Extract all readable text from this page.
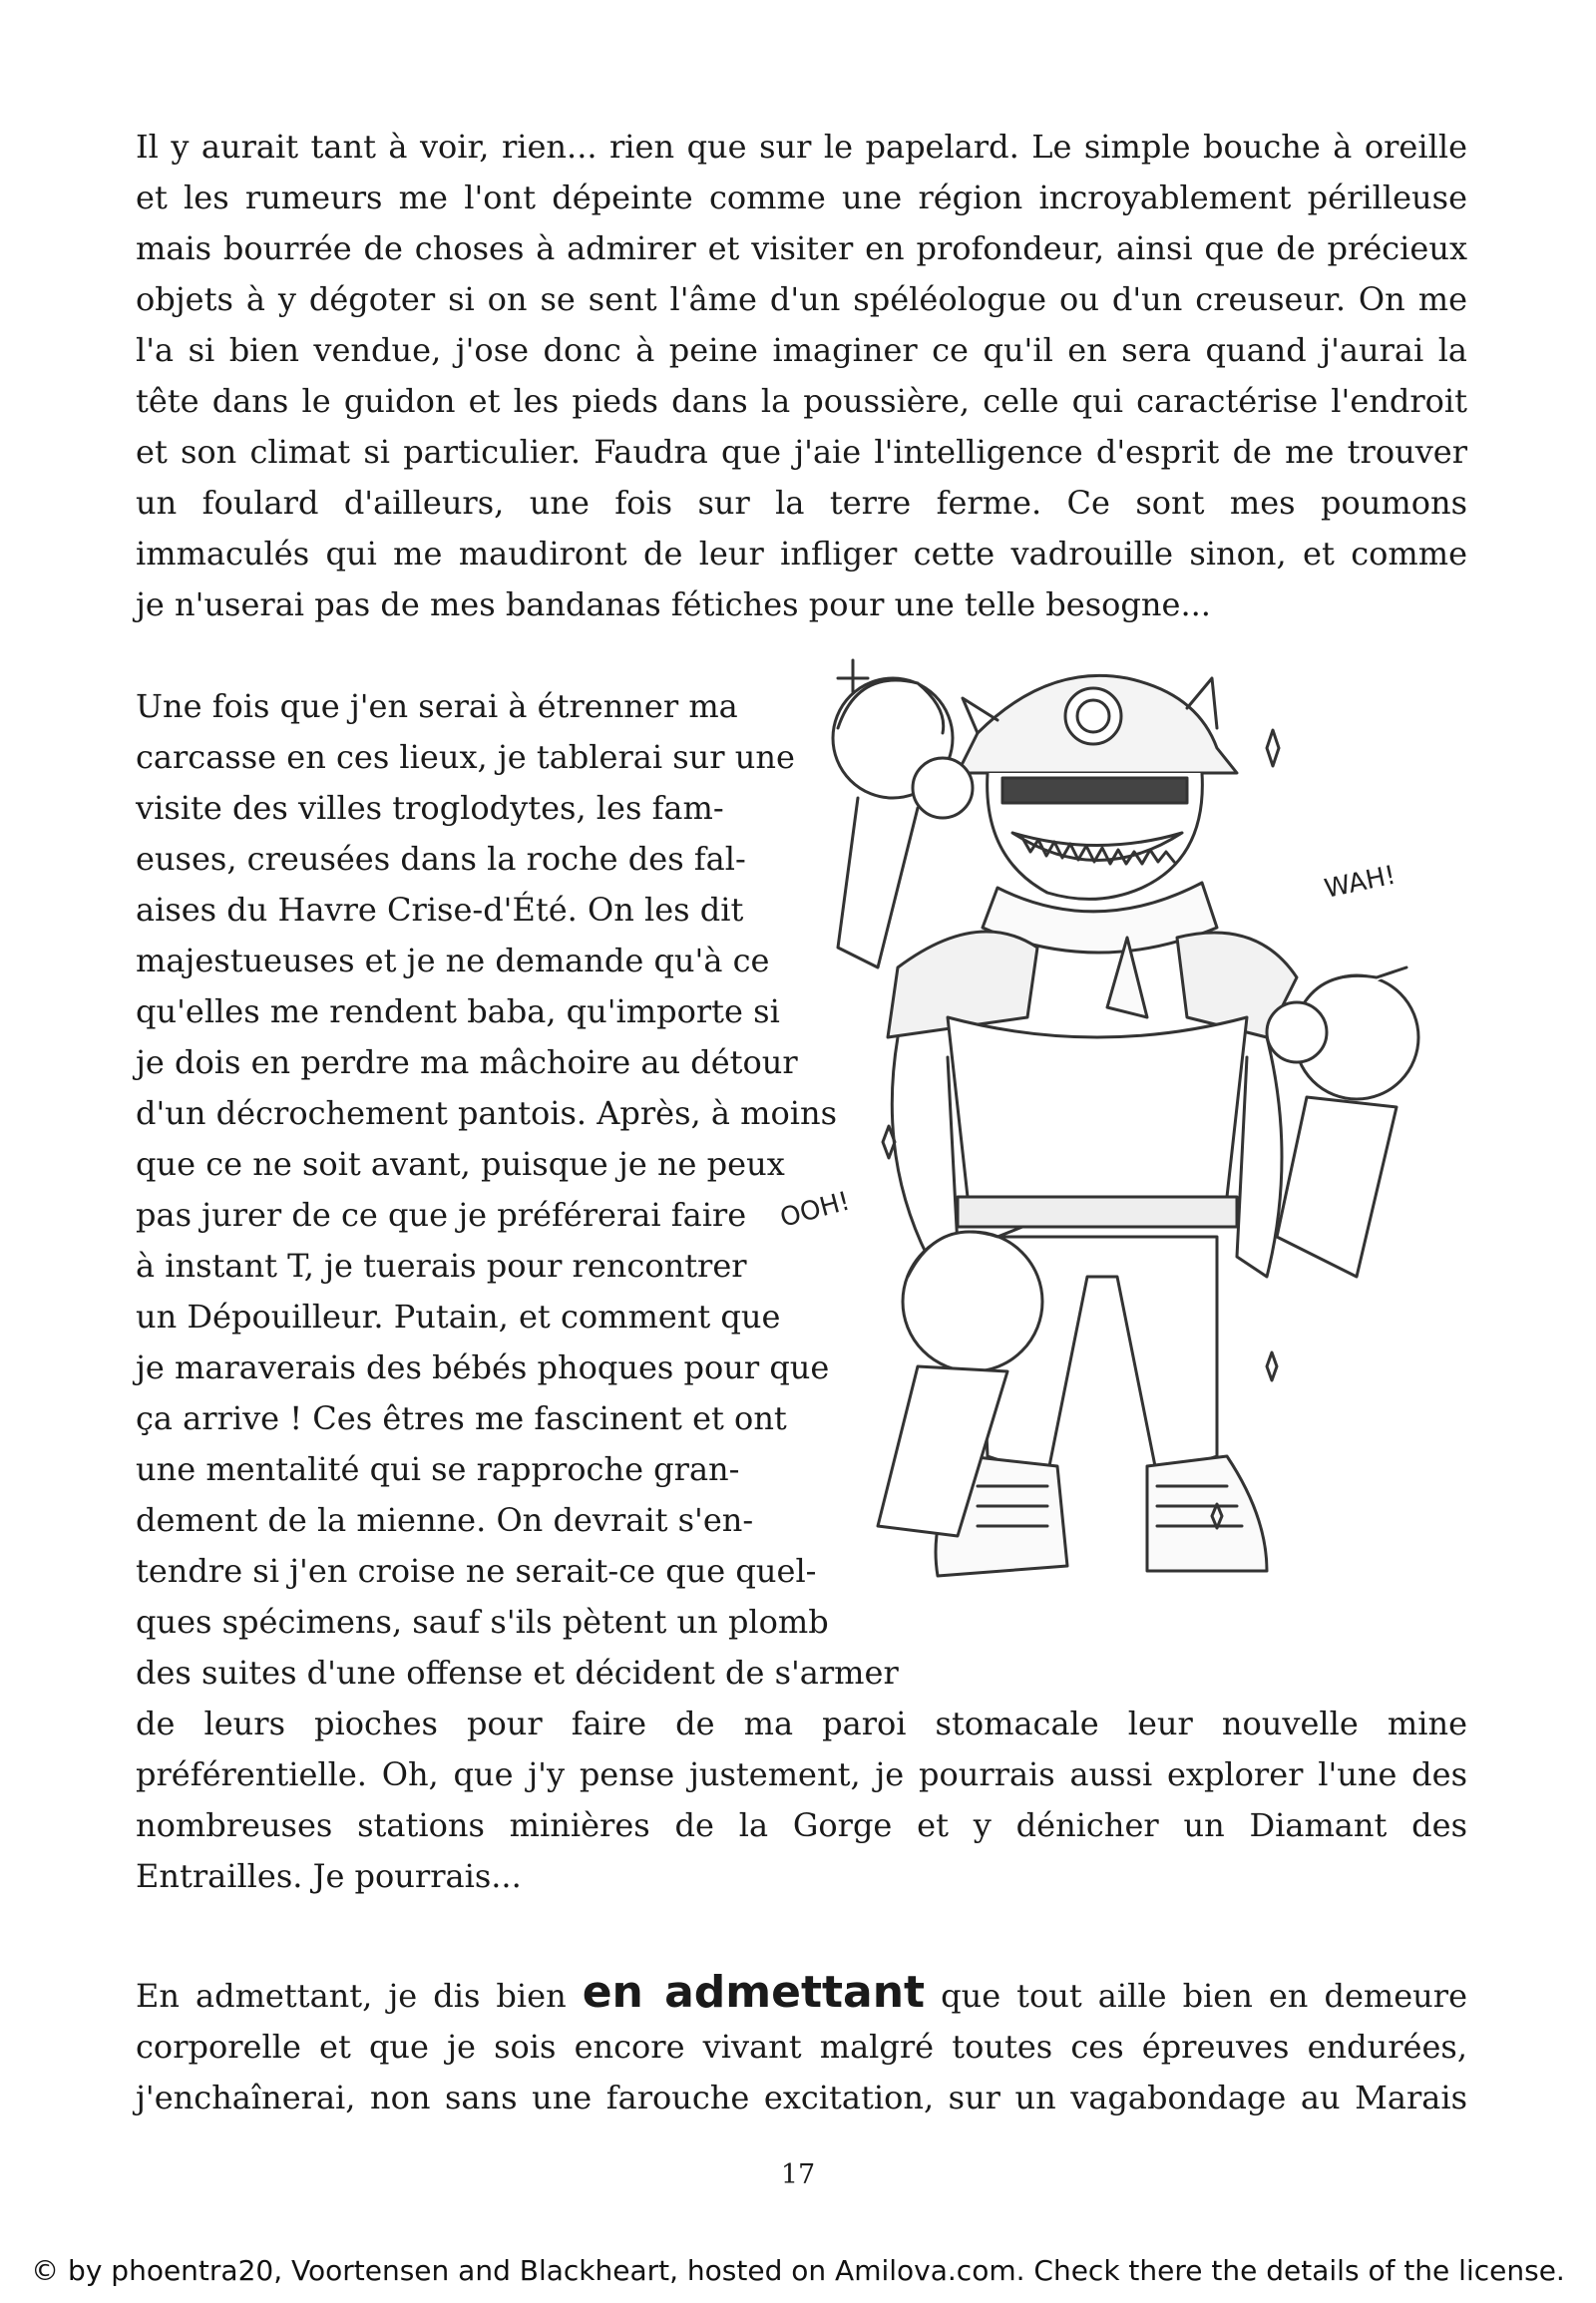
Il y aurait tant à voir, rien... rien que sur le papelard. Le simple bouche à oreille
et les rumeurs me l'ont dépeinte comme une région incroyablement périlleuse
mais bourrée de choses à admirer et visiter en profondeur, ainsi que de précieux
objets à y dégoter si on se sent l'âme d'un spéléologue ou d'un creuseur. On me
l'a si bien vendue, j'ose donc à peine imaginer ce qu'il en sera quand j'aurai la
tête dans le guidon et les pieds dans la poussière, celle qui caractérise l'endroit
et son climat si particulier. Faudra que j'aie l'intelligence d'esprit de me trouver
un foulard d'ailleurs, une fois sur la terre ferme. Ce sont mes poumons
immaculés qui me maudiront de leur infliger cette vadrouille sinon, et comme
je n'userai pas de mes bandanas fétiches pour une telle besogne...

Une fois que j'en serai à étrenner ma
carcasse en ces lieux, je tablerai sur une
visite des villes troglodytes, les fam-
euses, creusées dans la roche des fal-
aises du Havre Crise-d'Été. On les dit
majestueuses et je ne demande qu'à ce
qu'elles me rendent baba, qu'importe si
je dois en perdre ma mâchoire au détour
d'un décrochement pantois. Après, à moins
que ce ne soit avant, puisque je ne peux
pas jurer de ce que je préférerai faire
à instant T, je tuerais pour rencontrer
un Dépouilleur. Putain, et comment que
je maraverais des bébés phoques pour que
ça arrive ! Ces êtres me fascinent et ont
une mentalité qui se rapproche gran-
dement de la mienne. On devrait s'en-
tendre si j'en croise ne serait-ce que quel-
ques spécimens, sauf s'ils pètent un plomb
des suites d'une offense et décident de s'armer

de leurs pioches pour faire de ma paroi stomacale leur nouvelle mine
préférentielle. Oh, que j'y pense justement, je pourrais aussi explorer l'une des
nombreuses stations minières de la Gorge et y dénicher un Diamant des
Entrailles. Je pourrais...

En admettant, je dis bien en admettant que tout aille bien en demeure
corporelle et que je sois encore vivant malgré toutes ces épreuves endurées,
j'enchaînerai, non sans une farouche excitation, sur un vagabondage au Marais

WAH!
OOH!
17
© by phoentra20, Voortensen and Blackheart, hosted on Amilova.com. Check there the details of the license.
